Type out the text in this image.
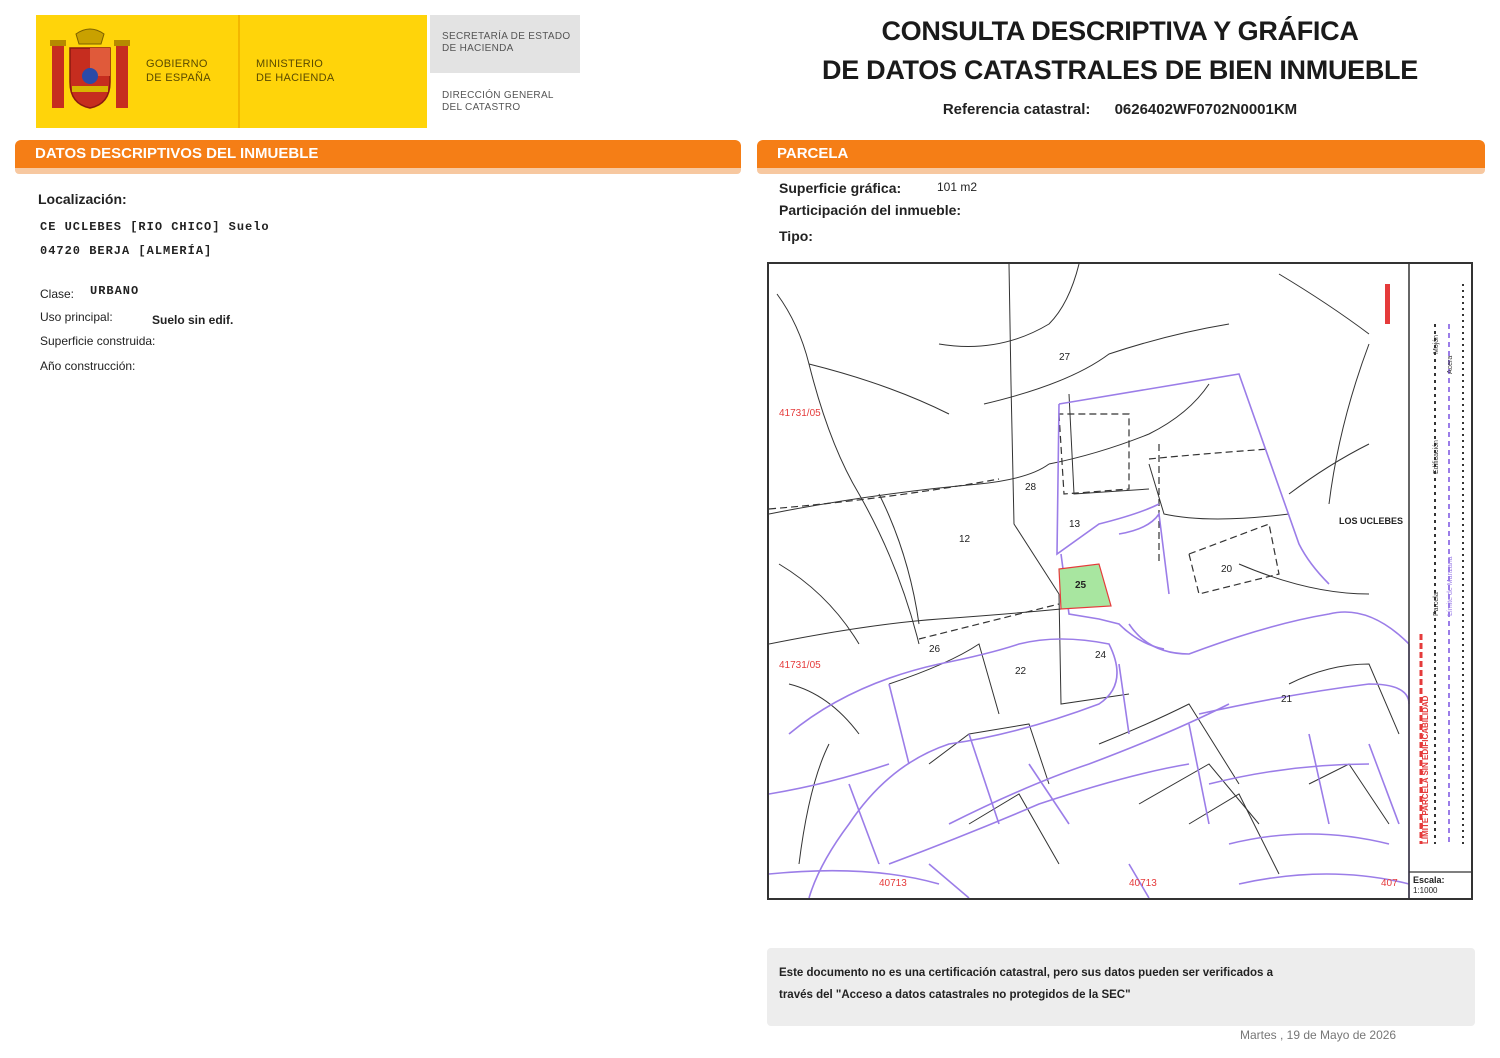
GOBIERNO
DE ESPAÑA
MINISTERIO
DE HACIENDA
SECRETARÍA DE ESTADO
DE HACIENDA
DIRECCIÓN GENERAL
DEL CATASTRO
CONSULTA DESCRIPTIVA Y GRÁFICA
DE DATOS CATASTRALES DE BIEN INMUEBLE
Referencia catastral: 0626402WF0702N0001KM
DATOS DESCRIPTIVOS DEL INMUEBLE
Localización:
CE UCLEBES [RIO CHICO] Suelo
04720 BERJA [ALMERÍA]
Clase: URBANO
Uso principal:	Suelo sin edif.
Superficie construida:
Año construcción:
PARCELA
Superficie gráfica:	101 m2
Participación del inmueble:
Tipo:
27
28
12
13
25
24
22
26
20
21
41731/05
41731/05
40713	40713	407
LOS UCLEBES
LÍMITE PARCELA SIN EDIFICABILIDAD
Parcela Límite de Manzana
Edificación
Acera
Mojón
Escala:
1:1000
Este documento no es una certificación catastral, pero sus datos pueden ser verificados a
través del "Acceso a datos catastrales no protegidos de la SEC"
Martes , 19 de Mayo de 2026
